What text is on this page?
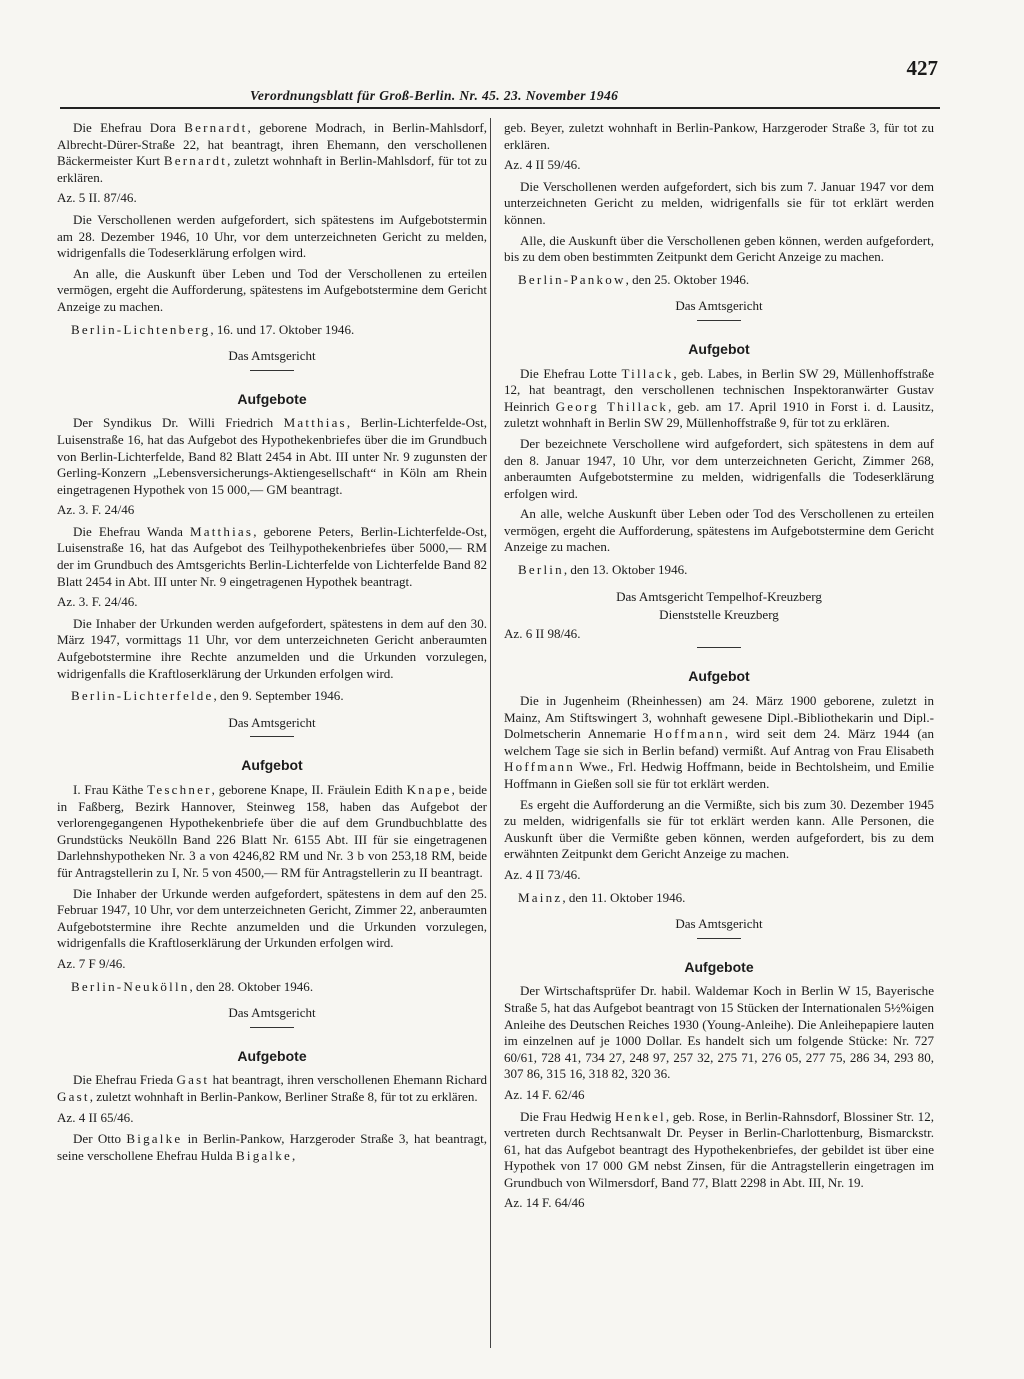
427
Verordnungsblatt für Groß-Berlin. Nr. 45. 23. November 1946

Die Ehefrau Dora Bernardt, geborene Modrach, in Berlin-Mahlsdorf, Albrecht-Dürer-Straße 22, hat beantragt, ihren Ehemann, den verschollenen Bäckermeister Kurt Bernardt, zuletzt wohnhaft in Berlin-Mahlsdorf, für tot zu erklären.

Az. 5 II. 87/46.

Die Verschollenen werden aufgefordert, sich spätestens im Aufgebotstermin am 28. Dezember 1946, 10 Uhr, vor dem unterzeichneten Gericht zu melden, widrigenfalls die Todeserklärung erfolgen wird.

An alle, die Auskunft über Leben und Tod der Verschollenen zu erteilen vermögen, ergeht die Aufforderung, spätestens im Aufgebotstermine dem Gericht Anzeige zu machen.

Berlin-Lichtenberg, 16. und 17. Oktober 1946.

Das Amtsgericht

Aufgebote

Der Syndikus Dr. Willi Friedrich Matthias, Berlin-Lichterfelde-Ost, Luisenstraße 16, hat das Aufgebot des Hypothekenbriefes über die im Grundbuch von Berlin-Lichterfelde, Band 82 Blatt 2454 in Abt. III unter Nr. 9 zugunsten der Gerling-Konzern „Lebensversicherungs-Aktiengesellschaft“ in Köln am Rhein eingetragenen Hypothek von 15 000,— GM beantragt.

Az. 3. F. 24/46

Die Ehefrau Wanda Matthias, geborene Peters, Berlin-Lichterfelde-Ost, Luisenstraße 16, hat das Aufgebot des Teilhypothekenbriefes über 5000,— RM der im Grundbuch des Amtsgerichts Berlin-Lichterfelde von Lichterfelde Band 82 Blatt 2454 in Abt. III unter Nr. 9 eingetragenen Hypothek beantragt.

Az. 3. F. 24/46.

Die Inhaber der Urkunden werden aufgefordert, spätestens in dem auf den 30. März 1947, vormittags 11 Uhr, vor dem unterzeichneten Gericht anberaumten Aufgebotstermine ihre Rechte anzumelden und die Urkunden vorzulegen, widrigenfalls die Kraftloserklärung der Urkunden erfolgen wird.

Berlin-Lichterfelde, den 9. September 1946.

Das Amtsgericht

Aufgebot

I. Frau Käthe Teschner, geborene Knape, II. Fräulein Edith Knape, beide in Faßberg, Bezirk Hannover, Steinweg 158, haben das Aufgebot der verlorengegangenen Hypothekenbriefe über die auf dem Grundbuchblatte des Grundstücks Neukölln Band 226 Blatt Nr. 6155 Abt. III für sie eingetragenen Darlehnshypotheken Nr. 3 a von 4246,82 RM und Nr. 3 b von 253,18 RM, beide für Antragstellerin zu I, Nr. 5 von 4500,— RM für Antragstellerin zu II beantragt.

Die Inhaber der Urkunde werden aufgefordert, spätestens in dem auf den 25. Februar 1947, 10 Uhr, vor dem unterzeichneten Gericht, Zimmer 22, anberaumten Aufgebotstermine ihre Rechte anzumelden und die Urkunden vorzulegen, widrigenfalls die Kraftloserklärung der Urkunden erfolgen wird.

Az. 7 F 9/46.

Berlin-Neukölln, den 28. Oktober 1946.

Das Amtsgericht

Aufgebote

Die Ehefrau Frieda Gast hat beantragt, ihren verschollenen Ehemann Richard Gast, zuletzt wohnhaft in Berlin-Pankow, Berliner Straße 8, für tot zu erklären.

Az. 4 II 65/46.

Der Otto Bigalke in Berlin-Pankow, Harzgeroder Straße 3, hat beantragt, seine verschollene Ehefrau Hulda Bigalke,

geb. Beyer, zuletzt wohnhaft in Berlin-Pankow, Harzgeroder Straße 3, für tot zu erklären.

Az. 4 II 59/46.

Die Verschollenen werden aufgefordert, sich bis zum 7. Januar 1947 vor dem unterzeichneten Gericht zu melden, widrigenfalls sie für tot erklärt werden können.

Alle, die Auskunft über die Verschollenen geben können, werden aufgefordert, bis zu dem oben bestimmten Zeitpunkt dem Gericht Anzeige zu machen.

Berlin-Pankow, den 25. Oktober 1946.

Das Amtsgericht

Aufgebot

Die Ehefrau Lotte Tillack, geb. Labes, in Berlin SW 29, Müllenhoffstraße 12, hat beantragt, den verschollenen technischen Inspektoranwärter Gustav Heinrich Georg Thillack, geb. am 17. April 1910 in Forst i. d. Lausitz, zuletzt wohnhaft in Berlin SW 29, Müllenhoffstraße 9, für tot zu erklären.

Der bezeichnete Verschollene wird aufgefordert, sich spätestens in dem auf den 8. Januar 1947, 10 Uhr, vor dem unterzeichneten Gericht, Zimmer 268, anberaumten Aufgebotstermine zu melden, widrigenfalls die Todeserklärung erfolgen wird.

An alle, welche Auskunft über Leben oder Tod des Verschollenen zu erteilen vermögen, ergeht die Aufforderung, spätestens im Aufgebotstermine dem Gericht Anzeige zu machen.

Berlin, den 13. Oktober 1946.

Das Amtsgericht Tempelhof-Kreuzberg

Dienststelle Kreuzberg

Az. 6 II 98/46.

Aufgebot

Die in Jugenheim (Rheinhessen) am 24. März 1900 geborene, zuletzt in Mainz, Am Stiftswingert 3, wohnhaft gewesene Dipl.-Bibliothekarin und Dipl.-Dolmetscherin Annemarie Hoffmann, wird seit dem 24. März 1944 (an welchem Tage sie sich in Berlin befand) vermißt. Auf Antrag von Frau Elisabeth Hoffmann Wwe., Frl. Hedwig Hoffmann, beide in Bechtolsheim, und Emilie Hoffmann in Gießen soll sie für tot erklärt werden.

Es ergeht die Aufforderung an die Vermißte, sich bis zum 30. Dezember 1945 zu melden, widrigenfalls sie für tot erklärt werden kann. Alle Personen, die Auskunft über die Vermißte geben können, werden aufgefordert, bis zu dem erwähnten Zeitpunkt dem Gericht Anzeige zu machen.

Az. 4 II 73/46.

Mainz, den 11. Oktober 1946.

Das Amtsgericht

Aufgebote

Der Wirtschaftsprüfer Dr. habil. Waldemar Koch in Berlin W 15, Bayerische Straße 5, hat das Aufgebot beantragt von 15 Stücken der Internationalen 5½%igen Anleihe des Deutschen Reiches 1930 (Young-Anleihe). Die Anleihepapiere lauten im einzelnen auf je 1000 Dollar. Es handelt sich um folgende Stücke: Nr. 727 60/61, 728 41, 734 27, 248 97, 257 32, 275 71, 276 05, 277 75, 286 34, 293 80, 307 86, 315 16, 318 82, 320 36.

Az. 14 F. 62/46

Die Frau Hedwig Henkel, geb. Rose, in Berlin-Rahnsdorf, Blossiner Str. 12, vertreten durch Rechtsanwalt Dr. Peyser in Berlin-Charlottenburg, Bismarckstr. 61, hat das Aufgebot beantragt des Hypothekenbriefes, der gebildet ist über eine Hypothek von 17 000 GM nebst Zinsen, für die Antragstellerin eingetragen im Grundbuch von Wilmersdorf, Band 77, Blatt 2298 in Abt. III, Nr. 19.

Az. 14 F. 64/46
